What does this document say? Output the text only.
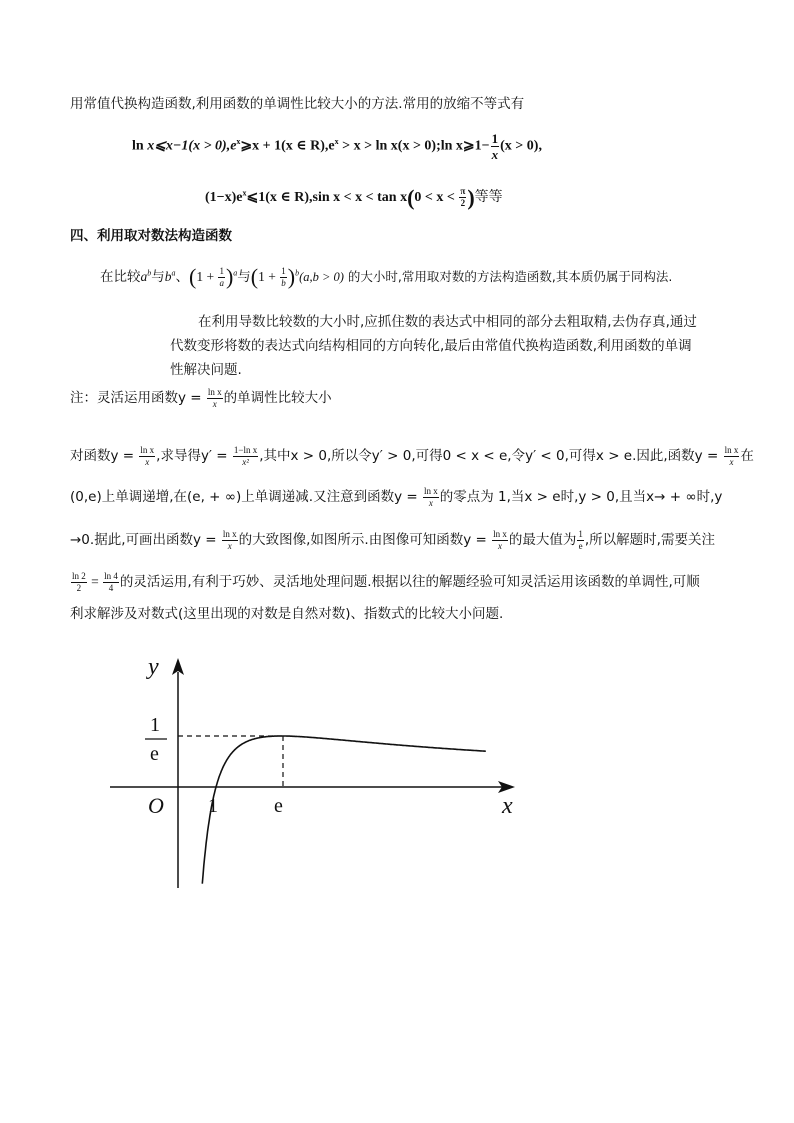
用常值代换构造函数,利用函数的单调性比较大小的方法.常用的放缩不等式有
ln x⩽x−1(x > $0),e^x⩾x + 1(x$ ∈ $R),e^x > x > \ln x(x$ > 0);ln x⩾1− $\frac{1}{x} (x > 0)$,
$(1-x)e^x⩽1(x$ ∈ R),sin $x < x < \tan x(0 < x < \frac{\pi}{2}$ )等等
四、利用取对数法构造函数
在比较$a^b$与$b^a$、$(1 + \frac{1}{a} )^a$与$(1 + \frac{1}{b} )^b(a,b > 0)$ 的大小时,常用取对数的方法构造函数,其本质仍属于同构法.
在利用导数比较数的大小时,应抓住数的表达式中相同的部分去粗取精,去伪存真,通过
代数变形将数的表达式向结构相同的方向转化,最后由常值代换构造函数,利用函数的单调
性解决问题.
注：灵活运用函数$y = \frac{\text{ln x}}{x}$ 的单调性比较大小
对函数$y = \frac{\text{ln x}}{x}$ ,求导得$y' = \frac{\text{1−ln x}}{\text{x²}}$ ,其中x > 0,所以令y′ > 0,可得0 < x < e,令y′ < 0,可得x > e.因此,函数$y = \frac{\text{ln x}}{x}$ 在
(0,e)上单调递增,在(e, + ∞)上单调递减.又注意到函数$y = \frac{\text{ln x}}{x}$ 的零点为 1,当x > e时,y > 0,且当x→ + ∞时,y
→0.据此,可画出函数$y = \frac{\text{ln x}}{x}$ 的大致图像,如图所示.由图像可知函数$y = \frac{\text{ln x}}{x}$ 的最大值为 $\frac{1}{e}$ ,所以解题时,需要关注
$\frac{\ln 2}{2} = \frac{\ln 4}{4}$ 的灵活运用,有利于巧妙、灵活地处理问题.根据以往的解题经验可知灵活运用该函数的单调性,可顺
利求解涉及对数式(这里出现的对数是自然对数)、指数式的比较大小问题.
y
x
O 1	e
1
e
